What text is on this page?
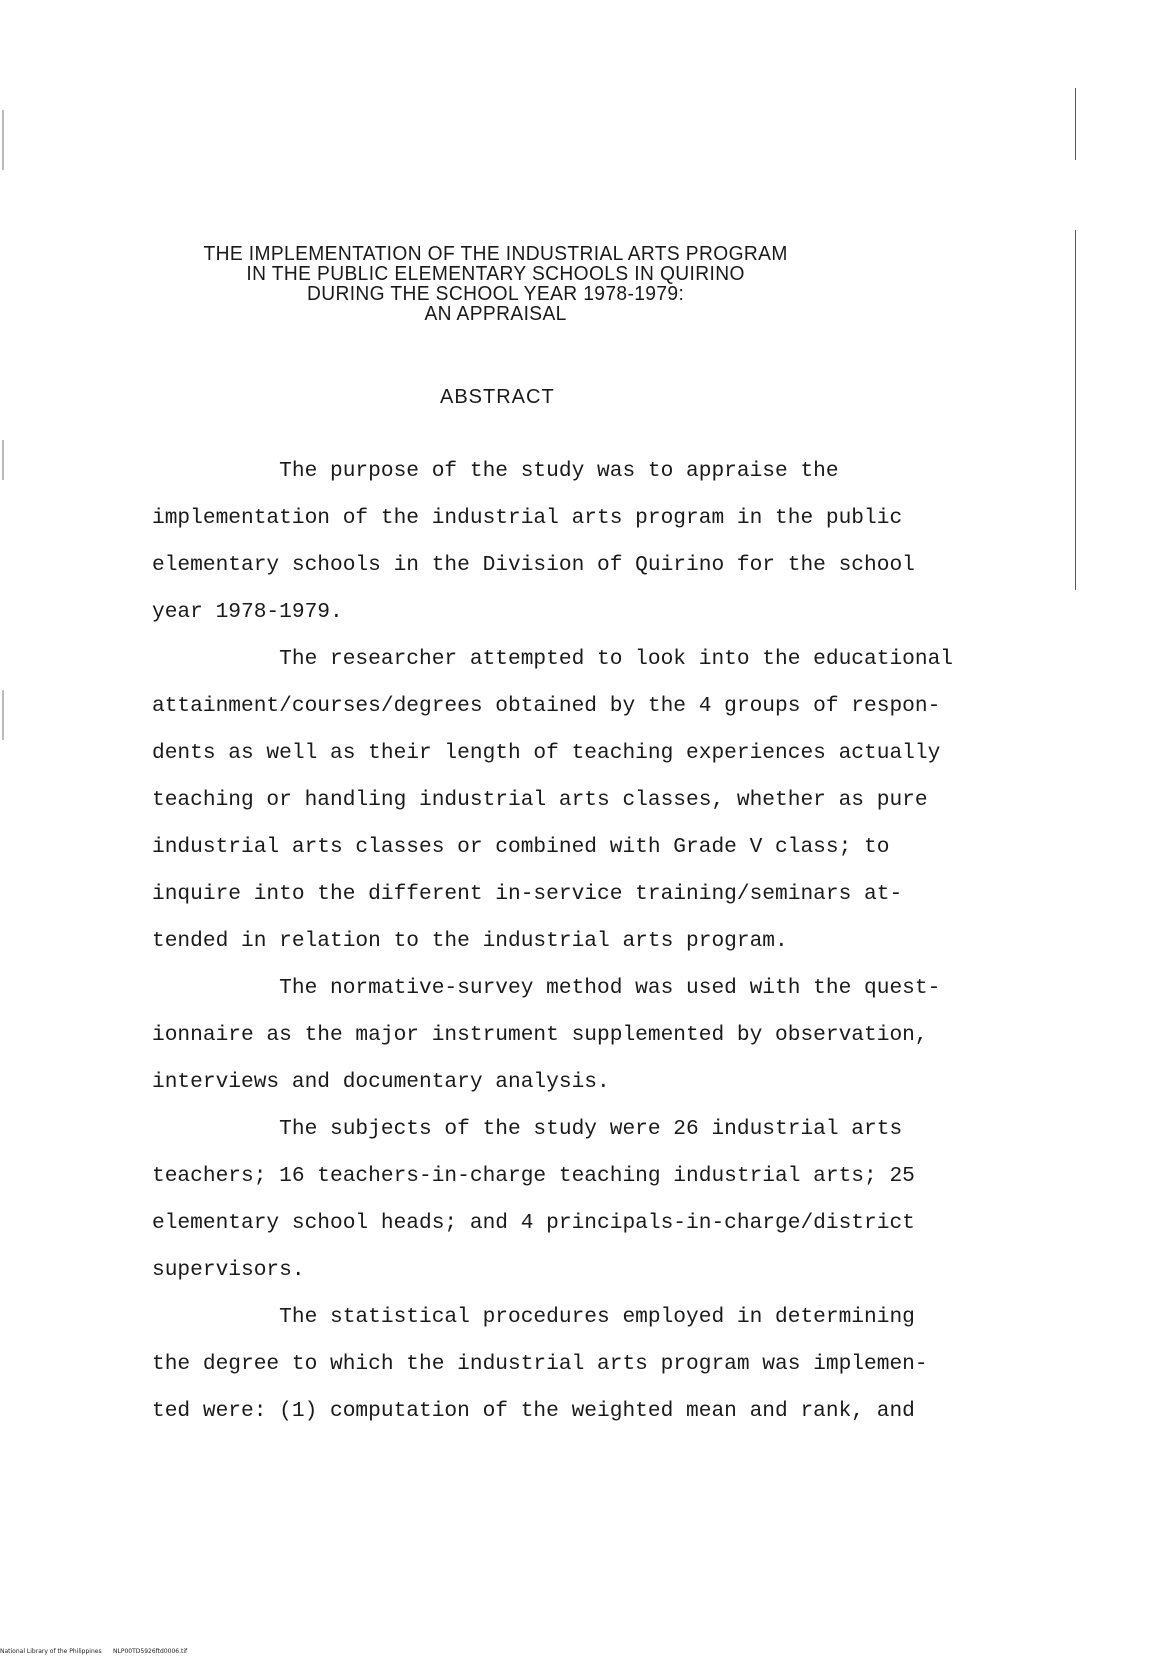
THE IMPLEMENTATION OF THE INDUSTRIAL ARTS PROGRAM
IN THE PUBLIC ELEMENTARY SCHOOLS IN QUIRINO
DURING THE SCHOOL YEAR 1978-1979:
AN APPRAISAL
ABSTRACT
The purpose of the study was to appraise the
implementation of the industrial arts program in the public
elementary schools in the Division of Quirino for the school
year 1978-1979.
The researcher attempted to look into the educational
attainment/courses/degrees obtained by the 4 groups of respon-
dents as well as their length of teaching experiences actually
teaching or handling industrial arts classes, whether as pure
industrial arts classes or combined with Grade V class; to
inquire into the different in-service training/seminars at-
tended in relation to the industrial arts program.
The normative-survey method was used with the quest-
ionnaire as the major instrument supplemented by observation,
interviews and documentary analysis.
The subjects of the study were 26 industrial arts
teachers; 16 teachers-in-charge teaching industrial arts; 25
elementary school heads; and 4 principals-in-charge/district
supervisors.
The statistical procedures employed in determining
the degree to which the industrial arts program was implemen-
ted were: (1) computation of the weighted mean and rank, and
National Library of the Philippines NLP00TD5926ftd0006.tif
